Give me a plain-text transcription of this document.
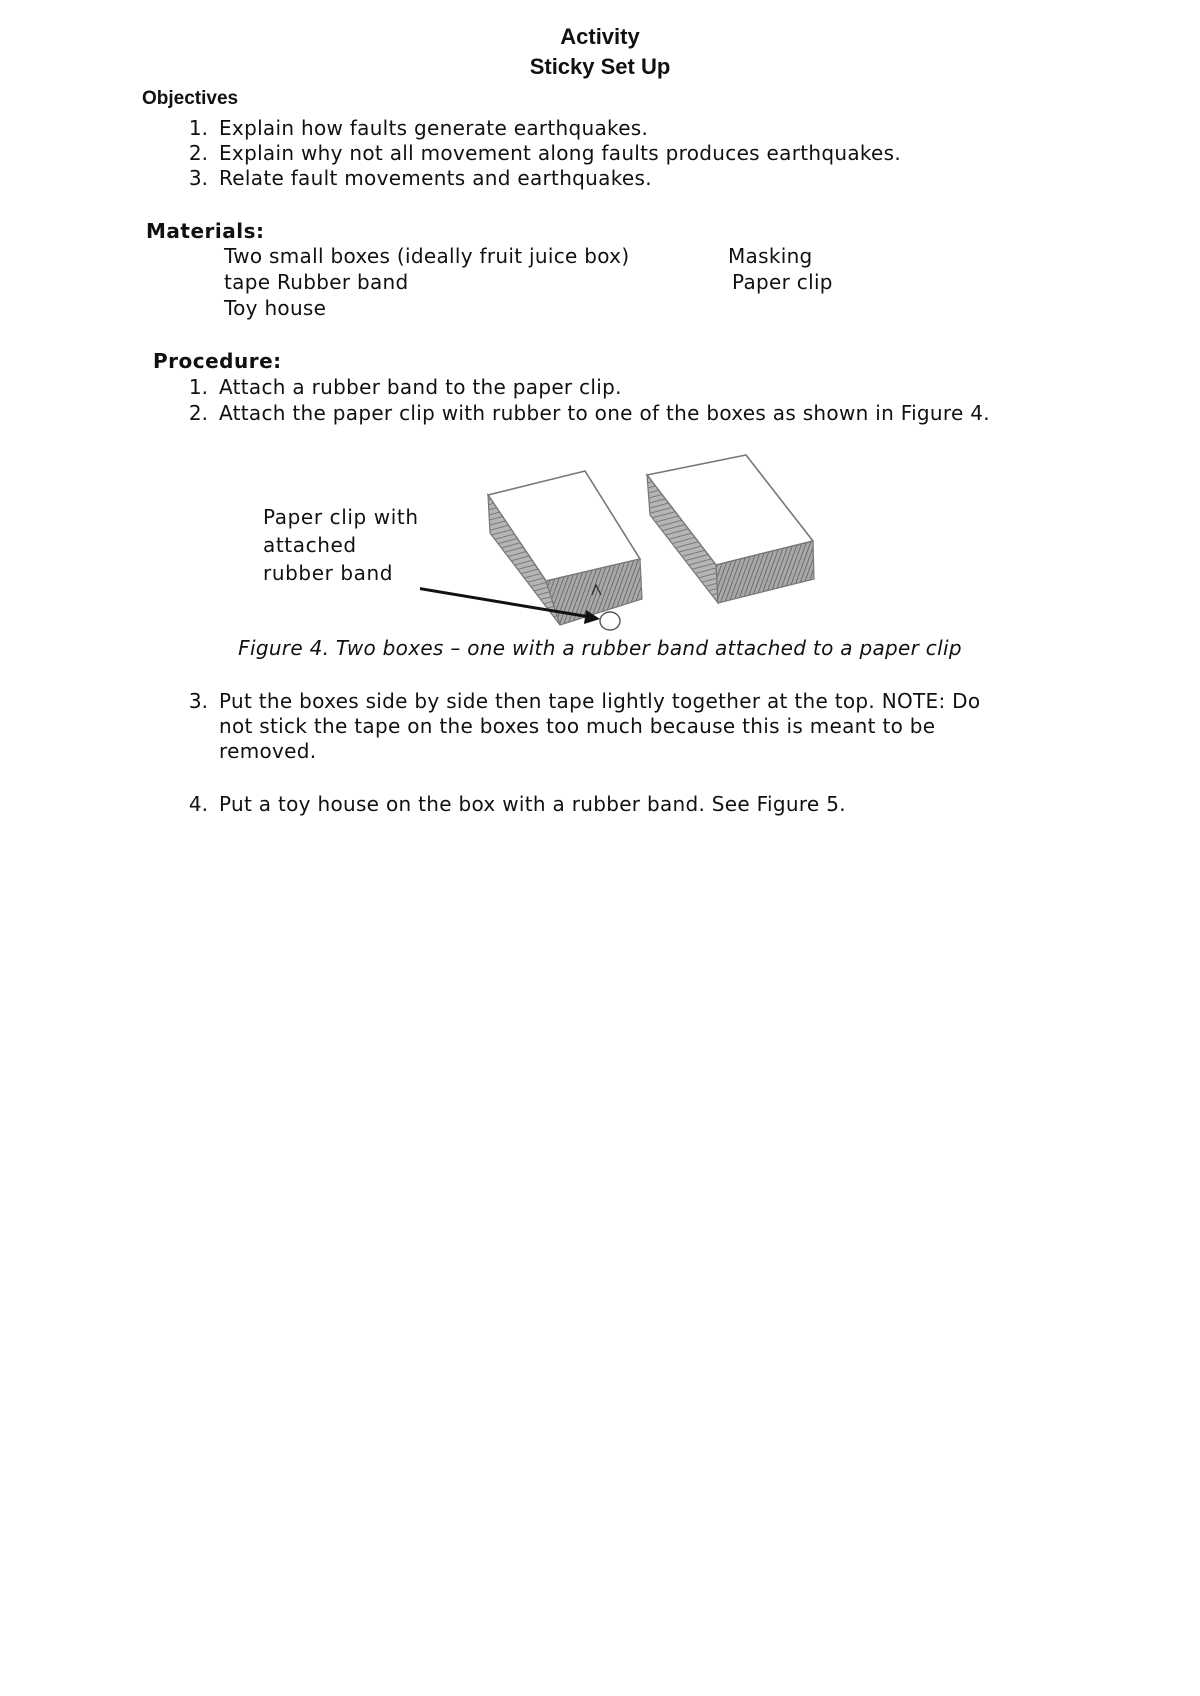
Activity
Sticky Set Up
Objectives
1. Explain how faults generate earthquakes.
2. Explain why not all movement along faults produces earthquakes.
3. Relate fault movements and earthquakes.
Materials:
Two small boxes (ideally fruit juice box)	Masking
tape Rubber band	Paper clip
Toy house
Procedure:
1. Attach a rubber band to the paper clip.
2. Attach the paper clip with rubber to one of the boxes as shown in Figure 4.
Paper clip with
attached
rubber band
Figure 4. Two boxes – one with a rubber band attached to a paper clip
3. Put the boxes side by side then tape lightly together at the top. NOTE: Do
not stick the tape on the boxes too much because this is meant to be
removed.
4. Put a toy house on the box with a rubber band. See Figure 5.
